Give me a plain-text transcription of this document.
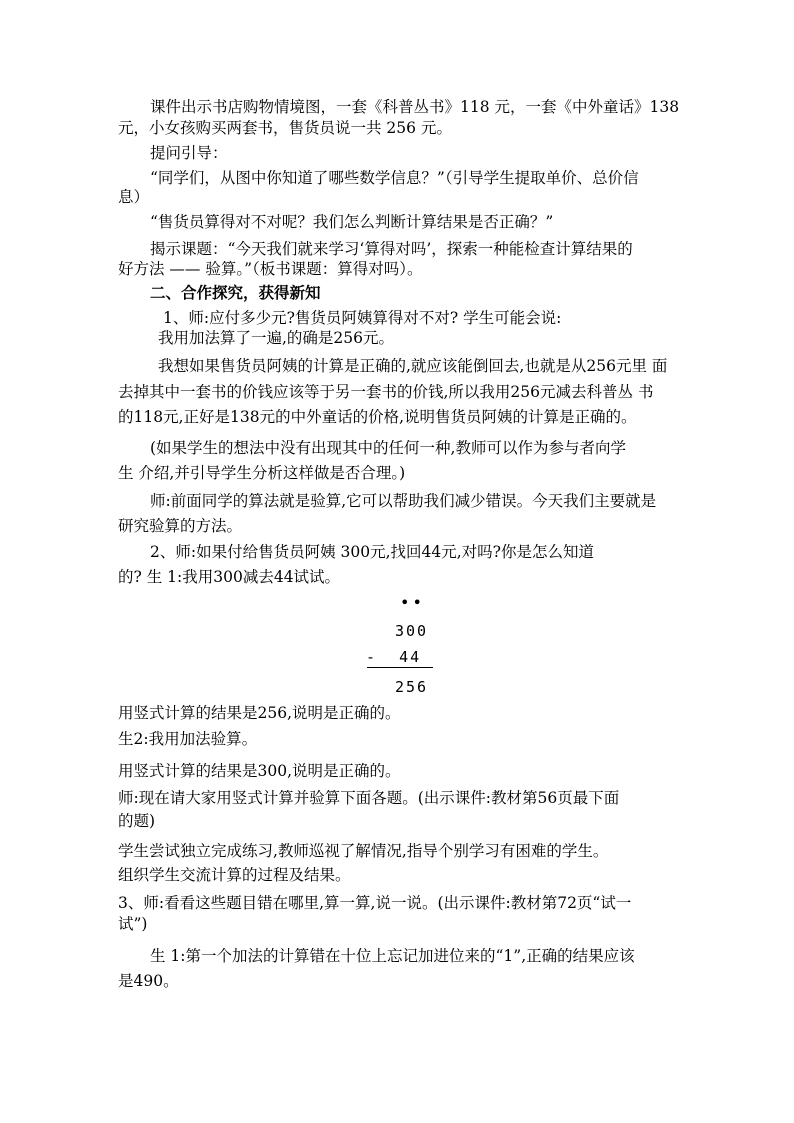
课件出示书店购物情境图，一套《科普丛书》118 元，一套《中外童话》138
元，小女孩购买两套书，售货员说一共 256 元。
提问引导：
“同学们，从图中你知道了哪些数学信息？”（引导学生提取单价、总价信
息）
“售货员算得对不对呢？我们怎么判断计算结果是否正确？”
揭示课题：“今天我们就来学习‘算得对吗’，探索一种能检查计算结果的
好方法 —— 验算。”（板书课题：算得对吗）。
二、合作探究，获得新知
1、师:应付多少元?售货员阿姨算得对不对? 学生可能会说:
我用加法算了一遍,的确是256元。
我想如果售货员阿姨的计算是正确的,就应该能倒回去,也就是从256元里 面
去掉其中一套书的价钱应该等于另一套书的价钱,所以我用256元减去科普丛 书
的118元,正好是138元的中外童话的价格,说明售货员阿姨的计算是正确的。
(如果学生的想法中没有出现其中的任何一种,教师可以作为参与者向学
生 介绍,并引导学生分析这样做是否合理。)
师:前面同学的算法就是验算,它可以帮助我们减少错误。今天我们主要就是
研究验算的方法。
2、师:如果付给售货员阿姨 300元,找回44元,对吗?你是怎么知道
的? 生 1:我用300减去44试试。
••
300
-  44
256
用竖式计算的结果是256,说明是正确的。
生2:我用加法验算。
用竖式计算的结果是300,说明是正确的。
师:现在请大家用竖式计算并验算下面各题。(出示课件:教材第56页最下面
的题)
学生尝试独立完成练习,教师巡视了解情况,指导个别学习有困难的学生。
组织学生交流计算的过程及结果。
3、师:看看这些题目错在哪里,算一算,说一说。(出示课件:教材第72页“试一
试”)
生 1:第一个加法的计算错在十位上忘记加进位来的“1”,正确的结果应该
是490。
